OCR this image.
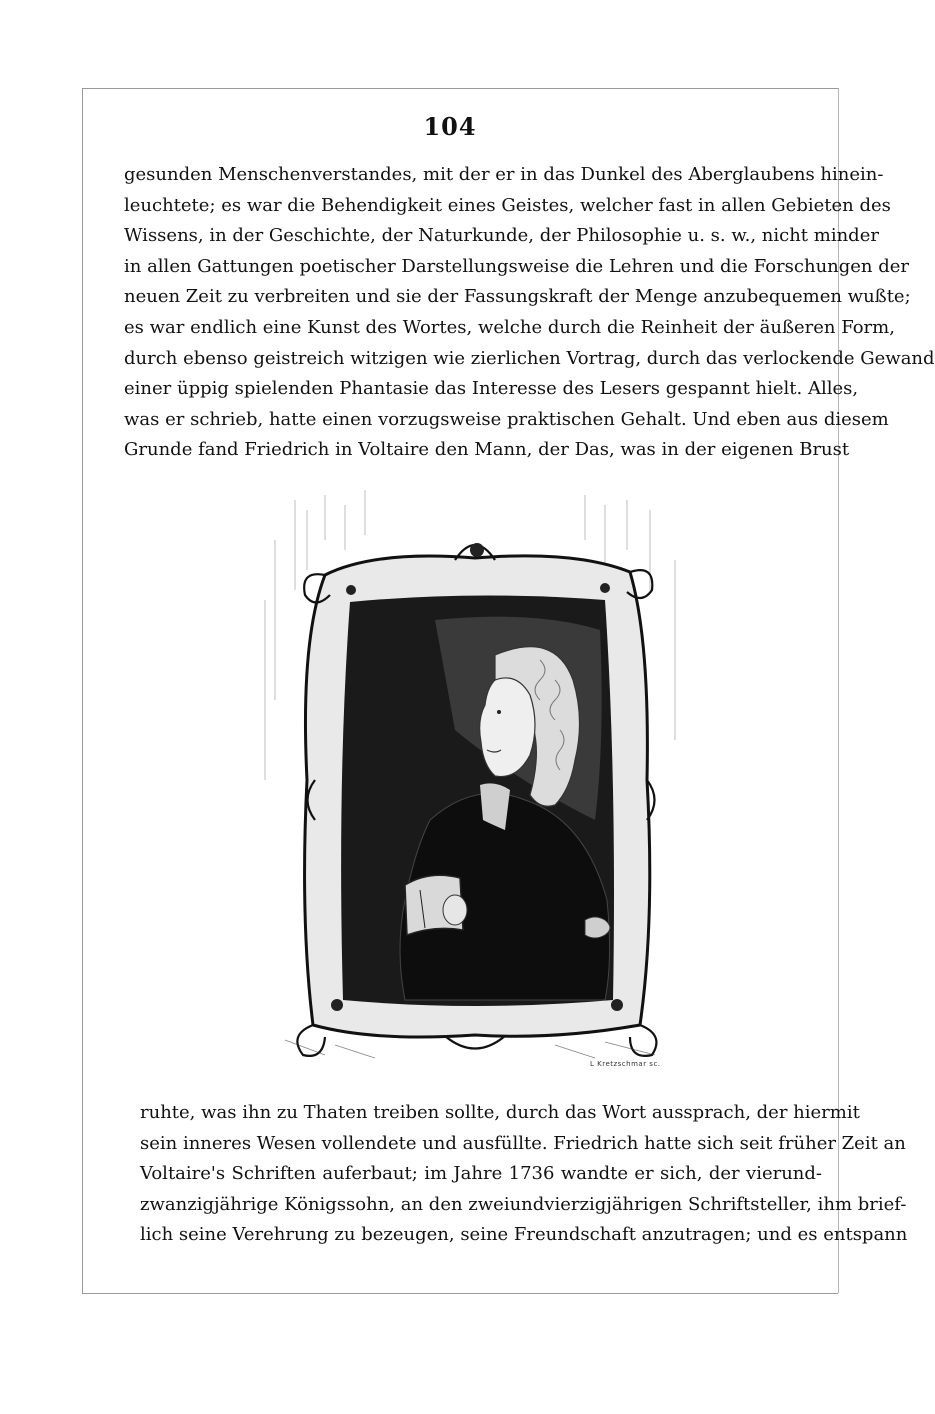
104
gesunden Menschenverstandes, mit der er in das Dunkel des Aberglaubens hinein-
leuchtete; es war die Behendigkeit eines Geistes, welcher fast in allen Gebieten des
Wissens, in der Geschichte, der Naturkunde, der Philosophie u. s. w., nicht minder
in allen Gattungen poetischer Darstellungsweise die Lehren und die Forschungen der
neuen Zeit zu verbreiten und sie der Fassungskraft der Menge anzubequemen wußte;
es war endlich eine Kunst des Wortes, welche durch die Reinheit der äußeren Form,
durch ebenso geistreich witzigen wie zierlichen Vortrag, durch das verlockende Gewand
einer üppig spielenden Phantasie das Interesse des Lesers gespannt hielt. Alles,
was er schrieb, hatte einen vorzugsweise praktischen Gehalt. Und eben aus diesem
Grunde fand Friedrich in Voltaire den Mann, der Das, was in der eigenen Brust
L Kretzschmar sc.
ruhte, was ihn zu Thaten treiben sollte, durch das Wort aussprach, der hiermit
sein inneres Wesen vollendete und ausfüllte. Friedrich hatte sich seit früher Zeit an
Voltaire's Schriften auferbaut; im Jahre 1736 wandte er sich, der vierund-
zwanzigjährige Königssohn, an den zweiundvierzigjährigen Schriftsteller, ihm brief-
lich seine Verehrung zu bezeugen, seine Freundschaft anzutragen; und es entspann
